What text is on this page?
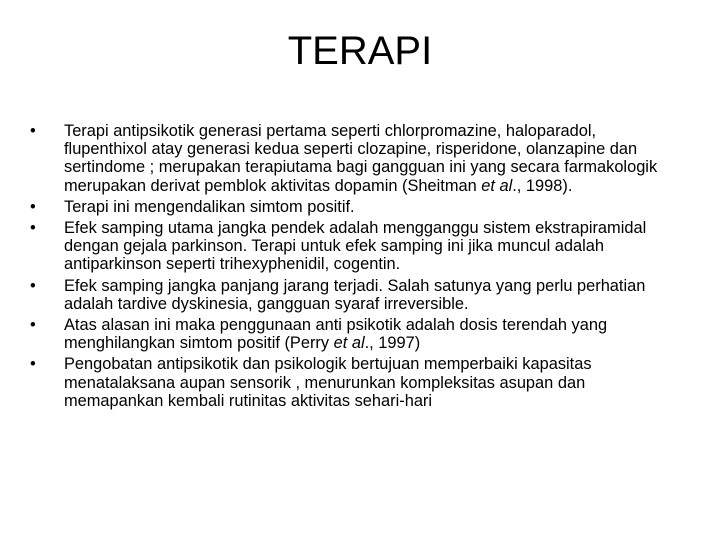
TERAPI
•	Terapi antipsikotik generasi pertama seperti chlorpromazine, haloparadol, flupenthixol atay generasi kedua seperti clozapine, risperidone, olanzapine dan sertindome ; merupakan terapiutama bagi gangguan ini yang secara farmakologik merupakan derivat pemblok aktivitas dopamin (Sheitman et al., 1998).
•	Terapi ini mengendalikan simtom positif.
•	Efek samping utama jangka pendek adalah mengganggu sistem ekstrapiramidal dengan gejala parkinson. Terapi untuk efek samping ini jika muncul adalah antiparkinson seperti trihexyphenidil, cogentin.
•	Efek samping jangka panjang jarang terjadi. Salah satunya yang perlu perhatian adalah tardive dyskinesia, gangguan syaraf irreversible.
•	Atas alasan ini maka penggunaan anti psikotik adalah dosis terendah yang menghilangkan simtom positif (Perry et al., 1997)
•	Pengobatan antipsikotik dan psikologik bertujuan memperbaiki kapasitas menatalaksana aupan sensorik , menurunkan kompleksitas asupan dan memapankan kembali rutinitas aktivitas sehari-hari
